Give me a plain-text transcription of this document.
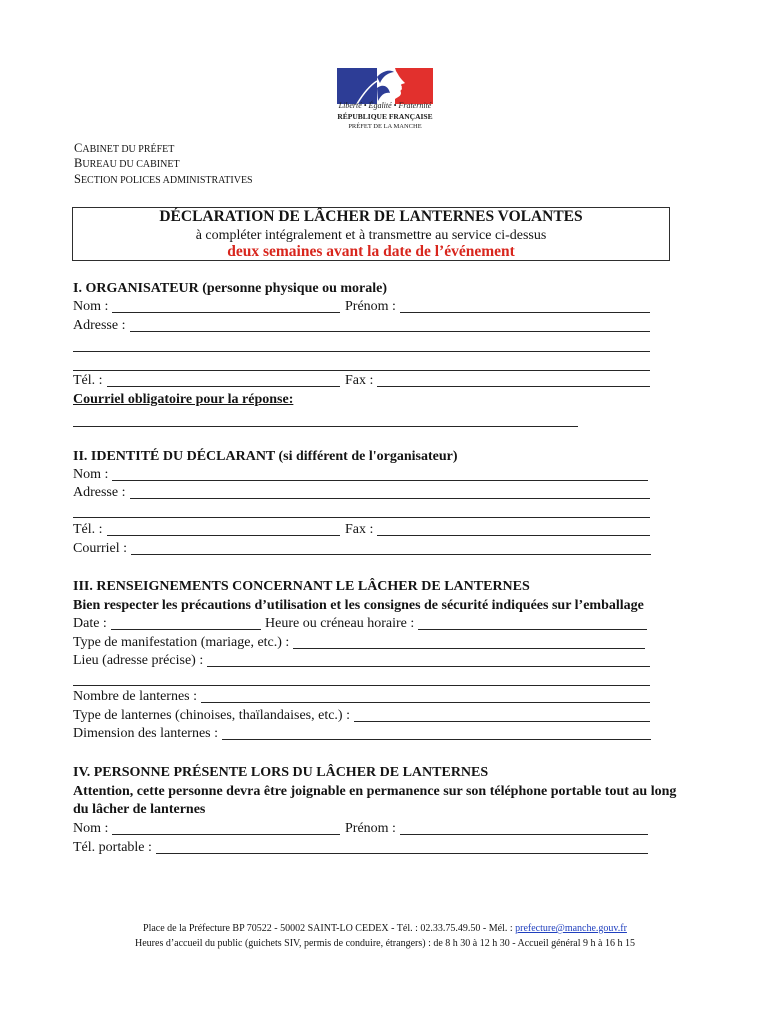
Liberté • Égalité • Fraternité
RÉPUBLIQUE FRANÇAISE
PRÉFET DE LA MANCHE
CABINET DU PRÉFET
BUREAU DU CABINET
SECTION POLICES ADMINISTRATIVES
DÉCLARATION DE LÂCHER DE LANTERNES VOLANTES
à compléter intégralement et à transmettre au service ci-dessus
deux semaines avant la date de l’événement
I. ORGANISATEUR (personne physique ou morale)
Nom :	Prénom :
Adresse :
Tél. :	Fax :
Courriel obligatoire pour la réponse:
II. IDENTITÉ DU DÉCLARANT (si différent de l'organisateur)
Nom :
Adresse :
Tél. :	Fax :
Courriel :
III. RENSEIGNEMENTS CONCERNANT LE LÂCHER DE LANTERNES
Bien respecter les précautions d’utilisation et les consignes de sécurité indiquées sur l’emballage
Date :	Heure ou créneau horaire :
Type de manifestation (mariage, etc.) :
Lieu (adresse précise) :
Nombre de lanternes :
Type de lanternes (chinoises, thaïlandaises, etc.) :
Dimension des lanternes :
IV. PERSONNE PRÉSENTE LORS DU LÂCHER DE LANTERNES
Attention, cette personne devra être joignable en permanence sur son téléphone portable tout au long
du lâcher de lanternes
Nom :	Prénom :
Tél. portable :
Place de la Préfecture BP 70522 - 50002 SAINT-LO CEDEX - Tél. : 02.33.75.49.50 - Mél. : prefecture@manche.gouv.fr
Heures d’accueil du public (guichets SIV, permis de conduire, étrangers) : de 8 h 30 à 12 h 30 - Accueil général 9 h à 16 h 15
